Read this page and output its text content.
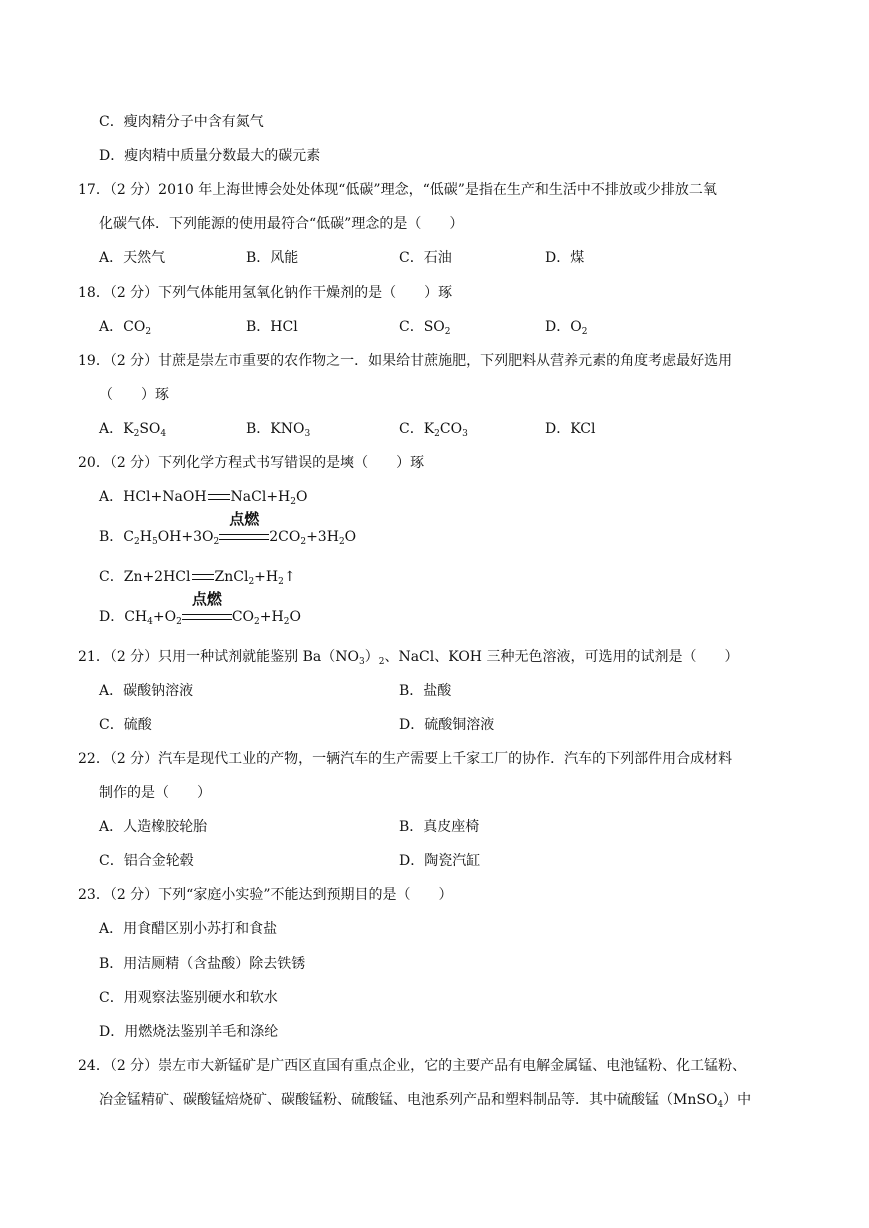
C．瘦肉精分子中含有氮气
D．瘦肉精中质量分数最大的碳元素
17．（2 分）2010 年上海世博会处处体现“低碳”理念，“低碳”是指在生产和生活中不排放或少排放二氧
化碳气体．下列能源的使用最符合“低碳”理念的是（　　）
A．天然气	B．风能	C．石油	D．煤
18．（2 分）下列气体能用氢氧化钠作干燥剂的是（　　）琢
A．$CO_2$	B．HCl	C．$SO_2$	D．$O_2$
19．（2 分）甘蔗是崇左市重要的农作物之一．如果给甘蔗施肥，下列肥料从营养元素的角度考虑最好选用
（　　）琢
A．$K_2SO_4$	B．$KNO_3$	C．$K_2CO_3$	D．KCl
20．（2 分）下列化学方程式书写错误的是塽（　　）琢
A．HCl+NaOH $NaCl+H_2O$
B．$C_2H_5OH+3O_2$
点燃
$2CO_2+3H_2O$
C．Zn+2HCl $ZnCl_2+H_2↑$
D．$CH_4+O_2$
点燃
$CO_2+H_2O$
21．（2 分）只用一种试剂就能鉴别 $Ba(NO_3)_2$、NaCl、KOH 三种无色溶液，可选用的试剂是（　　）
A．碳酸钠溶液	B．盐酸
C．硫酸	D．硫酸铜溶液
22．（2 分）汽车是现代工业的产物，一辆汽车的生产需要上千家工厂的协作．汽车的下列部件用合成材料
制作的是（　　）
A．人造橡胶轮胎	B．真皮座椅
C．铝合金轮毂	D．陶瓷汽缸
23．（2 分）下列“家庭小实验”不能达到预期目的是（　　）
A．用食醋区别小苏打和食盐
B．用洁厕精（含盐酸）除去铁锈
C．用观察法鉴别硬水和软水
D．用燃烧法鉴别羊毛和涤纶
24．（2 分）崇左市大新锰矿是广西区直国有重点企业，它的主要产品有电解金属锰、电池锰粉、化工锰粉、
冶金锰精矿、碳酸锰焙烧矿、碳酸锰粉、硫酸锰、电池系列产品和塑料制品等．其中硫酸锰（MnSO$_4$）中
